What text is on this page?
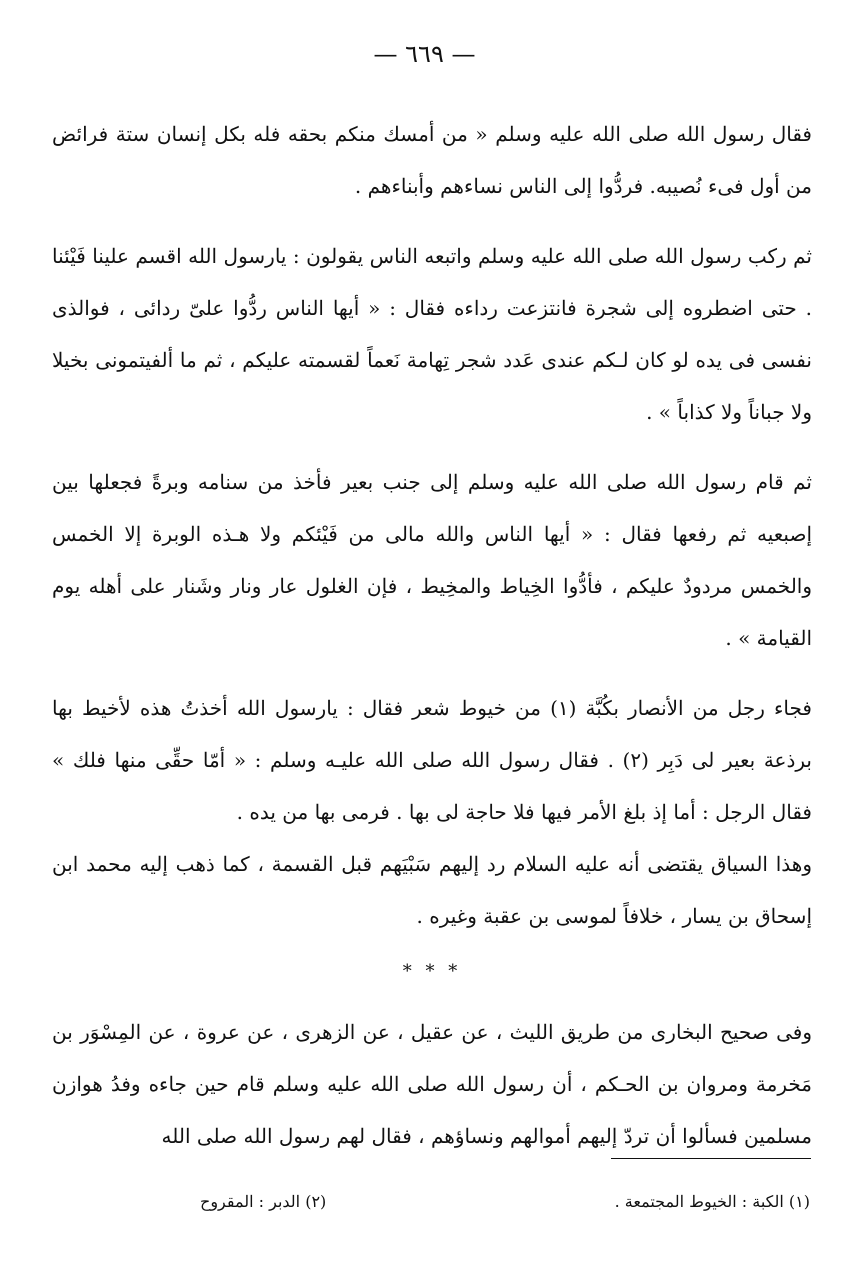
— ٦٦٩ —

فقال رسول الله صلى الله عليه وسلم « من أمسك منكم بحقه فله بكل إنسان ستة فرائض من أول فىء نُصيبه. فردُّوا إلى الناس نساءهم وأبناءهم .

ثم ركب رسول الله صلى الله عليه وسلم واتبعه الناس يقولون : يارسول الله اقسم علينا فَيْئنا . حتى اضطروه إلى شجرة فانتزعت رداءه فقال : « أيها الناس ردُّوا علىّ ردائى ، فوالذى نفسى فى يده لو كان لـكم عندى عَدد شجر تِهامة نَعماً لقسمته عليكم ، ثم ما ألفيتمونى بخيلا ولا جباناً ولا كذاباً » .

ثم قام رسول الله صلى الله عليه وسلم إلى جنب بعير فأخذ من سنامه وبرةً فجعلها بين إصبعيه ثم رفعها فقال : « أيها الناس والله مالى من فَيْئكم ولا هـذه الوبرة إلا الخمس والخمس مردودٌ عليكم ، فأدُّوا الخِياط والمخِيط ، فإن الغلول عار ونار وشَنار على أهله يوم القيامة » .

فجاء رجل من الأنصار بكُبَّة (١) من خيوط شعر فقال : يارسول الله أخذتُ هذه لأخيط بها برذعة بعير لى دَبِر (٢) . فقال رسول الله صلى الله عليـه وسلم : « أمّا حقِّى منها فلك » فقال الرجل : أما إذ بلغ الأمر فيها فلا حاجة لى بها . فرمى بها من يده .

وهذا السياق يقتضى أنه عليه السلام رد إليهم سَبْيَهم قبل القسمة ، كما ذهب إليه محمد ابن إسحاق بن يسار ، خلافاً لموسى بن عقبة وغيره .

* * *

وفى صحيح البخارى من طريق الليث ، عن عقيل ، عن الزهرى ، عن عروة ، عن المِسْوَر بن مَخرمة ومروان بن الحـكم ، أن رسول الله صلى الله عليه وسلم قام حين جاءه وفدُ هوازن مسلمين فسألوا أن تردّ إليهم أموالهم ونساؤهم ، فقال لهم رسول الله صلى الله

(١) الكبة : الخيوط المجتمعة .
(٢) الدبر : المقروح
